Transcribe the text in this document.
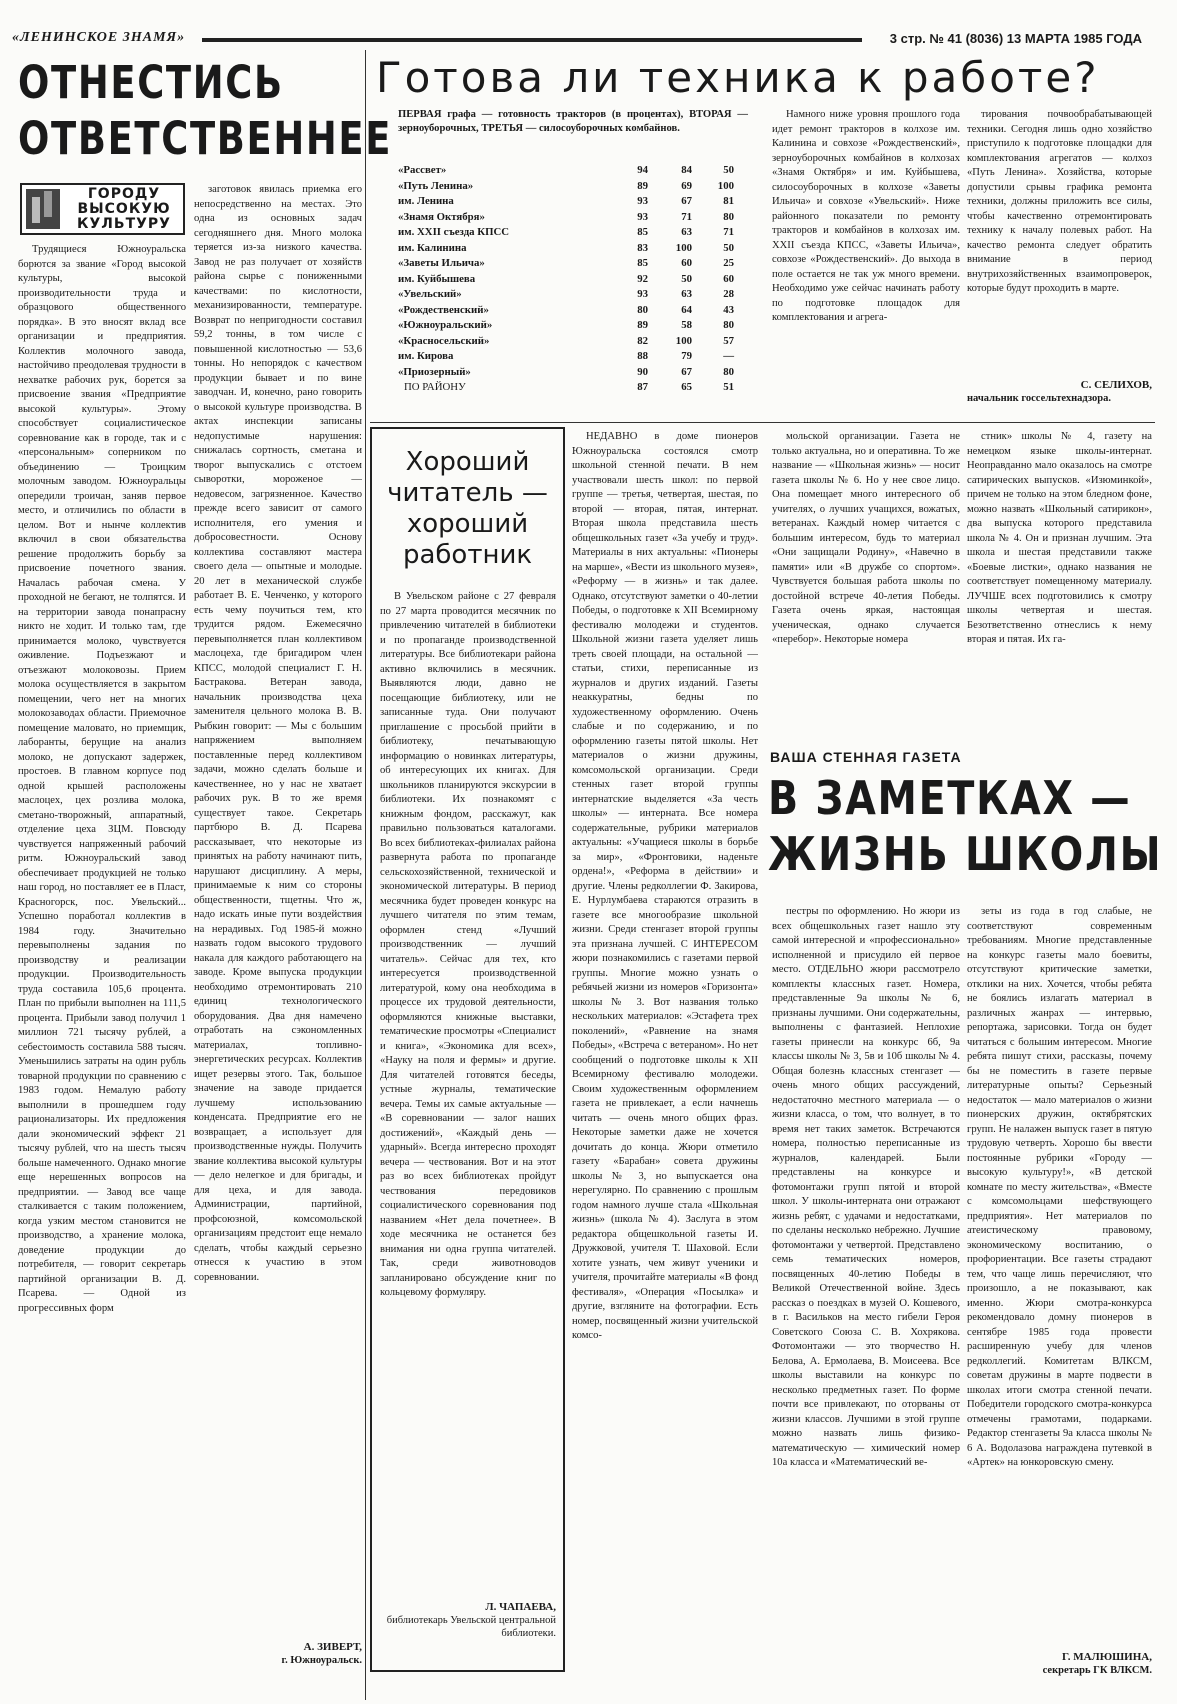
«ЛЕНИНСКОЕ ЗНАМЯ»	3 стр. № 41 (8036) 13 МАРТА 1985 ГОДА
ОТНЕСТИСЬ
ОТВЕТСТВЕННЕЕ
ГОРОДУ ВЫСОКУЮ КУЛЬТУРУ

Трудящиеся Южноуральска борются за звание «Город высокой культуры, высокой производительности труда и образцового общественного порядка». В это вносят вклад все организации и предприятия. Коллектив молочного завода, настойчиво преодолевая трудности в нехватке рабочих рук, борется за присвоение звания «Предприятие высокой культуры». Этому способствует социалистическое соревнование как в городе, так и с «персональным» соперником по объединению — Троицким молочным заводом. Южноуральцы опередили троичан, заняв первое место, и отличились по области в целом. Вот и нынче коллектив включил в свои обязательства решение продолжить борьбу за присвоение почетного звания. Началась рабочая смена. У проходной не бегают, не толпятся. И на территории завода понапрасну никто не ходит. И только там, где принимается молоко, чувствуется оживление. Подъезжают и отъезжают молоковозы. Прием молока осуществляется в закрытом помещении, чего нет на многих молокозаводах области. Приемочное помещение маловато, но приемщик, лаборанты, берущие на анализ молоко, не допускают задержек, простоев. В главном корпусе под одной крышей расположены маслоцех, цех розлива молока, сметано-творожный, аппаратный, отделение цеха ЗЦМ. Повсюду чувствуется напряженный рабочий ритм. Южноуральский завод обеспечивает продукцией не только наш город, но поставляет ее в Пласт, Красногорск, пос. Увельский... Успешно поработал коллектив в 1984 году. Значительно перевыполнены задания по производству и реализации продукции. Производительность труда составила 105,6 процента. План по прибыли выполнен на 111,5 процента. Прибыли завод получил 1 миллион 721 тысячу рублей, а себестоимость составила 588 тысяч. Уменьшились затраты на один рубль товарной продукции по сравнению с 1983 годом. Немалую работу выполнили в прошедшем году рационализаторы. Их предложения дали экономический эффект 21 тысячу рублей, что на шесть тысяч больше намеченного. Однако многие еще нерешенных вопросов на предприятии. — Завод все чаще сталкивается с таким положением, когда узким местом становится не производство, а хранение молока, доведение продукции до потребителя, — говорит секретарь партийной организации В. Д. Псарева. — Одной из прогрессивных форм

заготовок явилась приемка его непосредственно на местах. Это одна из основных задач сегодняшнего дня. Много молока теряется из-за низкого качества. Завод не раз получает от хозяйств района сырье с пониженными качествами: по кислотности, механизированности, температуре. Возврат по непригодности составил 59,2 тонны, в том числе с повышенной кислотностью — 53,6 тонны. Но непорядок с качеством продукции бывает и по вине заводчан. И, конечно, рано говорить о высокой культуре производства. В актах инспекции записаны недопустимые нарушения: снижалась сортность, сметана и творог выпускались с отстоем сыворотки, мороженое — недовесом, загрязненное. Качество прежде всего зависит от самого исполнителя, его умения и добросовестности. Основу коллектива составляют мастера своего дела — опытные и молодые. 20 лет в механической службе работает В. Е. Ченченко, у которого есть чему поучиться тем, кто трудится рядом. Ежемесячно перевыполняется план коллективом маслоцеха, где бригадиром член КПСС, молодой специалист Г. Н. Бастракова. Ветеран завода, начальник производства цеха заменителя цельного молока В. В. Рыбкин говорит: — Мы с большим напряжением выполняем поставленные перед коллективом задачи, можно сделать больше и качественнее, но у нас не хватает рабочих рук. В то же время существует такое. Секретарь партбюро В. Д. Псарева рассказывает, что некоторые из принятых на работу начинают пить, нарушают дисциплину. А меры, принимаемые к ним со стороны общественности, тщетны. Что ж, надо искать иные пути воздействия на нерадивых. Год 1985-й можно назвать годом высокого трудового накала для каждого работающего на заводе. Кроме выпуска продукции необходимо отремонтировать 210 единиц технологического оборудования. Два дня намечено отработать на сэкономленных материалах, топливно-энергетических ресурсах. Коллектив ищет резервы этого. Так, большое значение на заводе придается лучшему использованию конденсата. Предприятие его не возвращает, а использует для производственные нужды. Получить звание коллектива высокой культуры — дело нелегкое и для бригады, и для цеха, и для завода. Администрации, партийной, профсоюзной, комсомольской организациям предстоит еще немало сделать, чтобы каждый серьезно отнесся к участию в этом соревновании.

А. ЗИВЕРТ,
г. Южноуральск.
Готова ли техника к работе?
ПЕРВАЯ графа — готовность тракторов (в процентах), ВТОРАЯ — зерноуборочных, ТРЕТЬЯ — силосоуборочных комбайнов.
«Рассвет»	94	84	50
«Путь Ленина»	89	69	100
им. Ленина	93	67	81
«Знамя Октября»	93	71	80
им. XXII съезда КПСС	85	63	71
им. Калинина	83	100	50
«Заветы Ильича»	85	60	25
им. Куйбышева	92	50	60
«Увельский»	93	63	28
«Рождественский»	80	64	43
«Южноуральский»	89	58	80
«Красносельский»	82	100	57
им. Кирова	88	79	—
«Приозерный»	90	67	80
ПО РАЙОНУ	87	65	51

Намного ниже уровня прошлого года идет ремонт тракторов в колхозе им. Калинина и совхозе «Рождественский», зерноуборочных комбайнов в колхозах «Знамя Октября» и им. Куйбышева, силосоуборочных в колхозе «Заветы Ильича» и совхозе «Увельский». Ниже районного показатели по ремонту тракторов и комбайнов в колхозах им. XXII съезда КПСС, «Заветы Ильича», совхозе «Рождественский». До выхода в поле остается не так уж много времени. Необходимо уже сейчас начинать работу по подготовке площадок для комплектования и агрега-

тирования почвообрабатывающей техники. Сегодня лишь одно хозяйство приступило к подготовке площадки для комплектования агрегатов — колхоз «Путь Ленина». Хозяйства, которые допустили срывы графика ремонта техники, должны приложить все силы, чтобы качественно отремонтировать технику к началу полевых работ. На качество ремонта следует обратить внимание в период внутрихозяйственных взаимопроверок, которые будут проходить в марте.

С. СЕЛИХОВ,
начальник госсельтехнадзора.
Хороший читатель — хороший работник

В Увельском районе с 27 февраля по 27 марта проводится месячник по привлечению читателей в библиотеки и по пропаганде производственной литературы. Все библиотекари района активно включились в месячник. Выявляются люди, давно не посещающие библиотеку, или не записанные туда. Они получают приглашение с просьбой прийти в библиотеку, печатывающую информацию о новинках литературы, об интересующих их книгах. Для школьников планируются экскурсии в библиотеки. Их познакомят с книжным фондом, расскажут, как правильно пользоваться каталогами. Во всех библиотеках-филиалах района развернута работа по пропаганде сельскохозяйственной, технической и экономической литературы. В период месячника будет проведен конкурс на лучшего читателя по этим темам, оформлен стенд «Лучший производственник — лучший читатель». Сейчас для тех, кто интересуется производственной литературой, кому она необходима в процессе их трудовой деятельности, оформляются книжные выставки, тематические просмотры «Специалист и книга», «Экономика для всех», «Науку на поля и фермы» и другие. Для читателей готовятся беседы, устные журналы, тематические вечера. Темы их самые актуальные — «В соревновании — залог наших достижений», «Каждый день — ударный». Всегда интересно проходят вечера — чествования. Вот и на этот раз во всех библиотеках пройдут чествования передовиков социалистического соревнования под названием «Нет дела почетнее». В ходе месячника не останется без внимания ни одна группа читателей. Так, среди животноводов запланировано обсуждение книг по кольцевому формуляру.

Л. ЧАПАЕВА,
библиотекарь Увельской центральной библиотеки.

НЕДАВНО в доме пионеров Южноуральска состоялся смотр школьной стенной печати. В нем участвовали шесть школ: по первой группе — третья, четвертая, шестая, по второй — вторая, пятая, интернат. Вторая школа представила шесть общешкольных газет «За учебу и труд». Материалы в них актуальны: «Пионеры на марше», «Вести из школьного музея», «Реформу — в жизнь» и так далее. Однако, отсутствуют заметки о 40-летии Победы, о подготовке к XII Всемирному фестивалю молодежи и студентов. Школьной жизни газета уделяет лишь треть своей площади, на остальной — статьи, стихи, переписанные из журналов и других изданий. Газеты неаккуратны, бедны по художественному оформлению. Очень слабые и по содержанию, и по оформлению газеты пятой школы. Нет материалов о жизни дружины, комсомольской организации. Среди стенных газет второй группы интернатские выделяется «За честь школы» — интерната. Все номера содержательные, рубрики материалов актуальны: «Учащиеся школы в борьбе за мир», «Фронтовики, наденьте ордена!», «Реформа в действии» и другие. Члены редколлегии Ф. Закирова, Е. Нурлумбаева стараются отразить в газете все многообразие школьной жизни. Среди стенгазет второй группы эта признана лучшей. С ИНТЕРЕСОМ жюри познакомились с газетами первой группы. Многие можно узнать о ребячьей жизни из номеров «Горизонта» школы № 3. Вот названия только нескольких материалов: «Эстафета трех поколений», «Равнение на знамя Победы», «Встреча с ветераном». Но нет сообщений о подготовке школы к XII Всемирному фестивалю молодежи. Своим художественным оформлением газета не привлекает, а если начнешь читать — очень много общих фраз. Некоторые заметки даже не хочется дочитать до конца. Жюри отметило газету «Барабан» совета дружины школы № 3, но выпускается она нерегулярно. По сравнению с прошлым годом намного лучше стала «Школьная жизнь» (школа № 4). Заслуга в этом редактора общешкольной газеты И. Дружковой, учителя Т. Шаховой. Если хотите узнать, чем живут ученики и учителя, прочитайте материалы «В фонд фестиваля», «Операция «Посылка» и другие, взгляните на фотографии. Есть номер, посвященный жизни учительской комсо-

мольской организации. Газета не только актуальна, но и оперативна. То же название — «Школьная жизнь» — носит газета школы № 6. Но у нее свое лицо. Она помещает много интересного об учителях, о лучших учащихся, вожатых, ветеранах. Каждый номер читается с большим интересом, будь то материал «Они защищали Родину», «Навечно в памяти» или «В дружбе со спортом». Чувствуется большая работа школы по достойной встрече 40-летия Победы. Газета очень яркая, настоящая ученическая, однако случается «перебор». Некоторые номера

стник» школы № 4, газету на немецком языке школы-интернат. Неоправданно мало оказалось на смотре сатирических выпусков. «Изюминкой», причем не только на этом бледном фоне, можно назвать «Школьный сатирикон», два выпуска которого представила школа № 4. Он и признан лучшим. Эта школа и шестая представили также «Боевые листки», однако названия не соответствует помещенному материалу. ЛУЧШЕ всех подготовились к смотру школы четвертая и шестая. Безответственно отнеслись к нему вторая и пятая. Их га-

ВАША СТЕННАЯ ГАЗЕТА
В ЗАМЕТКАХ —
ЖИЗНЬ ШКОЛЫ

пестры по оформлению. Но жюри из всех общешкольных газет нашло эту самой интересной и «профессионально» исполненной и присудило ей первое место. ОТДЕЛЬНО жюри рассмотрело комплекты классных газет. Номера, представленные 9а школы № 6, признаны лучшими. Они содержательны, выполнены с фантазией. Неплохие газеты принесли на конкурс 6б, 9а классы школы № 3, 5в и 10б школы № 4. Общая болезнь классных стенгазет — очень много общих рассуждений, недостаточно местного материала — о жизни класса, о том, что волнует, в то время нет таких заметок. Встречаются номера, полностью переписанные из журналов, календарей. Были представлены на конкурсе и фотомонтажи групп пятой и второй школ. У школы-интерната они отражают жизнь ребят, с удачами и недостатками, по сделаны несколько небрежно. Лучшие фотомонтажи у четвертой. Представлено семь тематических номеров, посвященных 40-летию Победы в Великой Отечественной войне. Здесь рассказ о поездках в музей О. Кошевого, в г. Васильков на место гибели Героя Советского Союза С. В. Хохрякова. Фотомонтажи — это творчество Н. Белова, А. Ермолаева, В. Моисеева. Все школы выставили на конкурс по несколько предметных газет. По форме почти все привлекают, по оторваны от жизни классов. Лучшими в этой группе можно назвать лишь физико-математическую — химический номер 10а класса и «Математический ве-

зеты из года в год слабые, не соответствуют современным требованиям. Многие представленные на конкурс газеты мало боевиты, отсутствуют критические заметки, отклики на них. Хочется, чтобы ребята не боялись излагать материал в различных жанрах — интервью, репортажа, зарисовки. Тогда он будет читаться с большим интересом. Многие ребята пишут стихи, рассказы, почему бы не поместить в газете первые литературные опыты? Серьезный недостаток — мало материалов о жизни пионерских дружин, октябрятских групп. Не налажен выпуск газет в пятую трудовую четверть. Хорошо бы ввести постоянные рубрики «Городу — высокую культуру!», «В детской комнате по месту жительства», «Вместе с комсомольцами шефствующего предприятия». Нет материалов по атеистическому правовому, экономическому воспитанию, о профориентации. Все газеты страдают тем, что чаще лишь перечисляют, что произошло, а не показывают, как именно. Жюри смотра-конкурса рекомендовало домну пионеров в сентябре 1985 года провести расширенную учебу для членов редколлегий. Комитетам ВЛКСМ, советам дружины в марте подвести в школах итоги смотра стенной печати. Победители городского смотра-конкурса отмечены грамотами, подарками. Редактор стенгазеты 9а класса школы № 6 А. Водолазова награждена путевкой в «Артек» на юнкоровскую смену.

Г. МАЛЮШИНА,
секретарь ГК ВЛКСМ.
